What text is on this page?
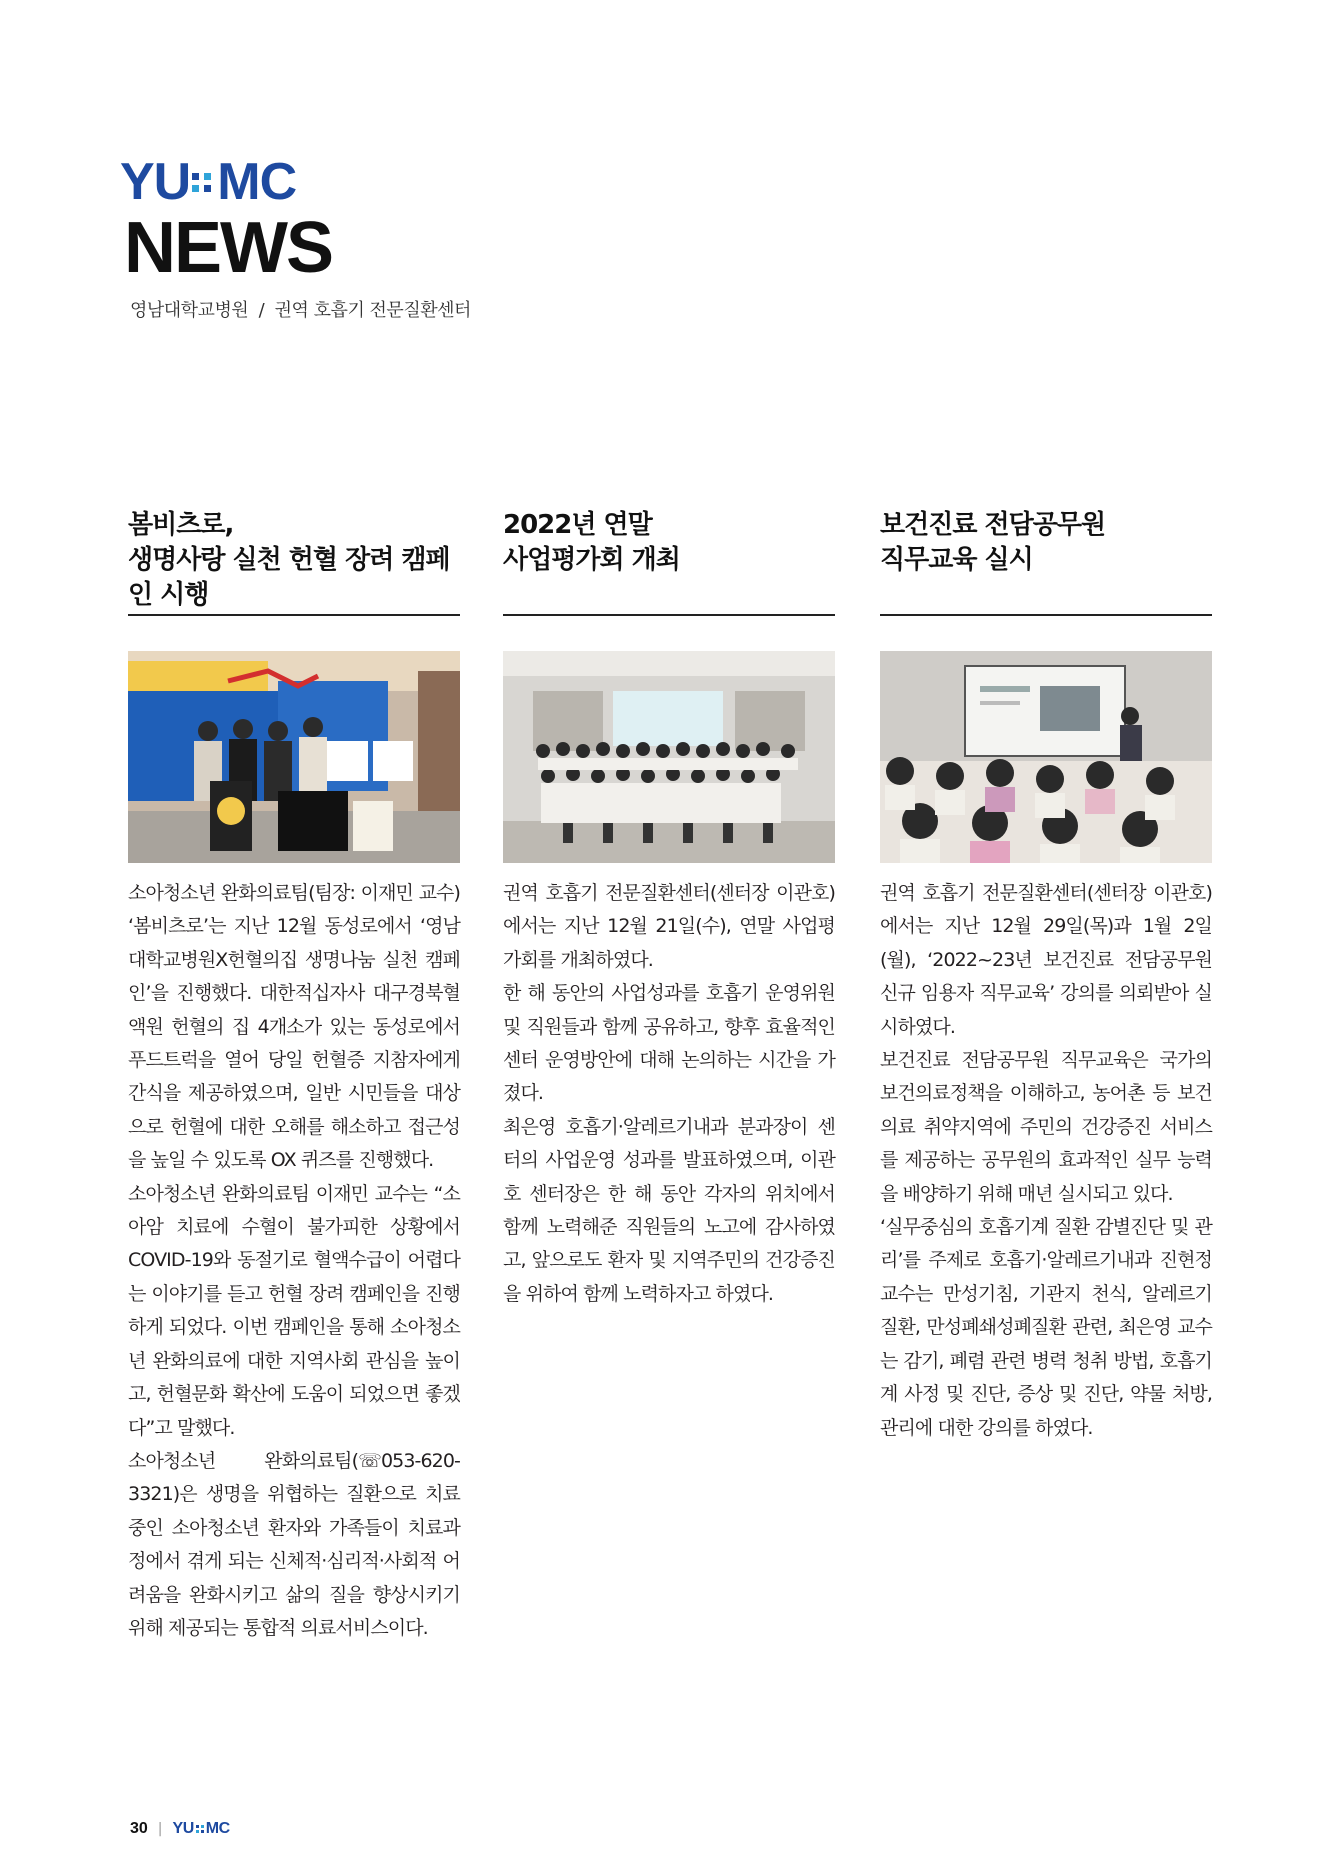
YU MC
NEWS
영남대학교병원  /  권역 호흡기 전문질환센터
봄비츠로,
생명사랑 실천 헌혈 장려 캠페인 시행

소아청소년 완화의료팀(팀장: 이재민 교수) ‘봄비츠로’는 지난 12월 동성로에서 ‘영남대학교병원X헌혈의집 생명나눔 실천 캠페인’을 진행했다. 대한적십자사 대구경북혈액원 헌혈의 집 4개소가 있는 동성로에서 푸드트럭을 열어 당일 헌혈증 지참자에게 간식을 제공하였으며, 일반 시민들을 대상으로 헌혈에 대한 오해를 해소하고 접근성을 높일 수 있도록 OX 퀴즈를 진행했다.

소아청소년 완화의료팀 이재민 교수는 “소아암 치료에 수혈이 불가피한 상황에서 COVID-19와 동절기로 혈액수급이 어렵다는 이야기를 듣고 헌혈 장려 캠페인을 진행하게 되었다. 이번 캠페인을 통해 소아청소년 완화의료에 대한 지역사회 관심을 높이고, 헌혈문화 확산에 도움이 되었으면 좋겠다”고 말했다.

소아청소년 완화의료팀(☏053-620-3321)은 생명을 위협하는 질환으로 치료 중인 소아청소년 환자와 가족들이 치료과정에서 겪게 되는 신체적·심리적·사회적 어려움을 완화시키고 삶의 질을 향상시키기 위해 제공되는 통합적 의료서비스이다.

2022년 연말
사업평가회 개최

권역 호흡기 전문질환센터(센터장 이관호)에서는 지난 12월 21일(수), 연말 사업평가회를 개최하였다.

한 해 동안의 사업성과를 호흡기 운영위원 및 직원들과 함께 공유하고, 향후 효율적인 센터 운영방안에 대해 논의하는 시간을 가졌다.

최은영 호흡기·알레르기내과 분과장이 센터의 사업운영 성과를 발표하였으며, 이관호 센터장은 한 해 동안 각자의 위치에서 함께 노력해준 직원들의 노고에 감사하였고, 앞으로도 환자 및 지역주민의 건강증진을 위하여 함께 노력하자고 하였다.

보건진료 전담공무원
직무교육 실시

권역 호흡기 전문질환센터(센터장 이관호)에서는 지난 12월 29일(목)과 1월 2일(월), ‘2022~23년 보건진료 전담공무원 신규 임용자 직무교육’ 강의를 의뢰받아 실시하였다.

보건진료 전담공무원 직무교육은 국가의 보건의료정책을 이해하고, 농어촌 등 보건의료 취약지역에 주민의 건강증진 서비스를 제공하는 공무원의 효과적인 실무 능력을 배양하기 위해 매년 실시되고 있다.

‘실무중심의 호흡기계 질환 감별진단 및 관리’를 주제로 호흡기·알레르기내과 진현정 교수는 만성기침, 기관지 천식, 알레르기 질환, 만성폐쇄성폐질환 관련, 최은영 교수는 감기, 폐렴 관련 병력 청취 방법, 호흡기계 사정 및 진단, 증상 및 진단, 약물 처방, 관리에 대한 강의를 하였다.

30 | YU MC
